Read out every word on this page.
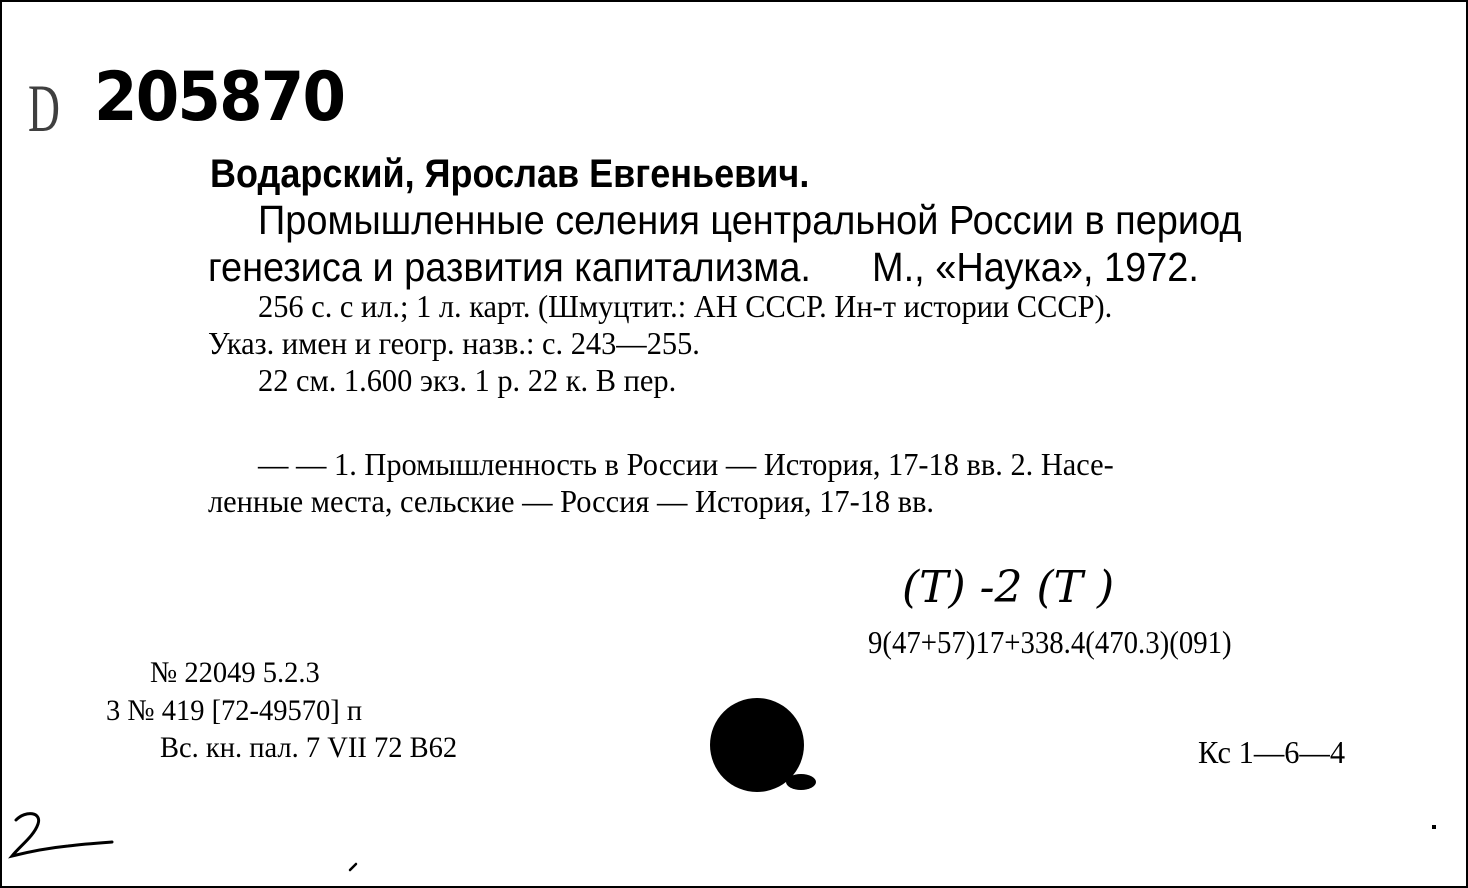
D 205870
Водарский, Ярослав Евгеньевич.
Промышленные селения центральной России в период
генезиса и развития капитализма. М., «Наука», 1972.
256 с. с ил.; 1 л. карт. (Шмуцтит.: АН СССР. Ин-т истории СССР).
Указ. имен и геогр. назв.: с. 243—255.
22 см. 1.600 экз. 1 р. 22 к. В пер.
— — 1. Промышленность в России — История, 17-18 вв. 2. Насе-
ленные места, сельские — Россия — История, 17-18 вв.
(Т) -2 (Т )
9(47+57)17+338.4(470.3)(091)
№ 22049 5.2.3
3 № 419 [72-49570] п
Вс. кн. пал. 7 VII 72 В62	Кс 1—6—4
